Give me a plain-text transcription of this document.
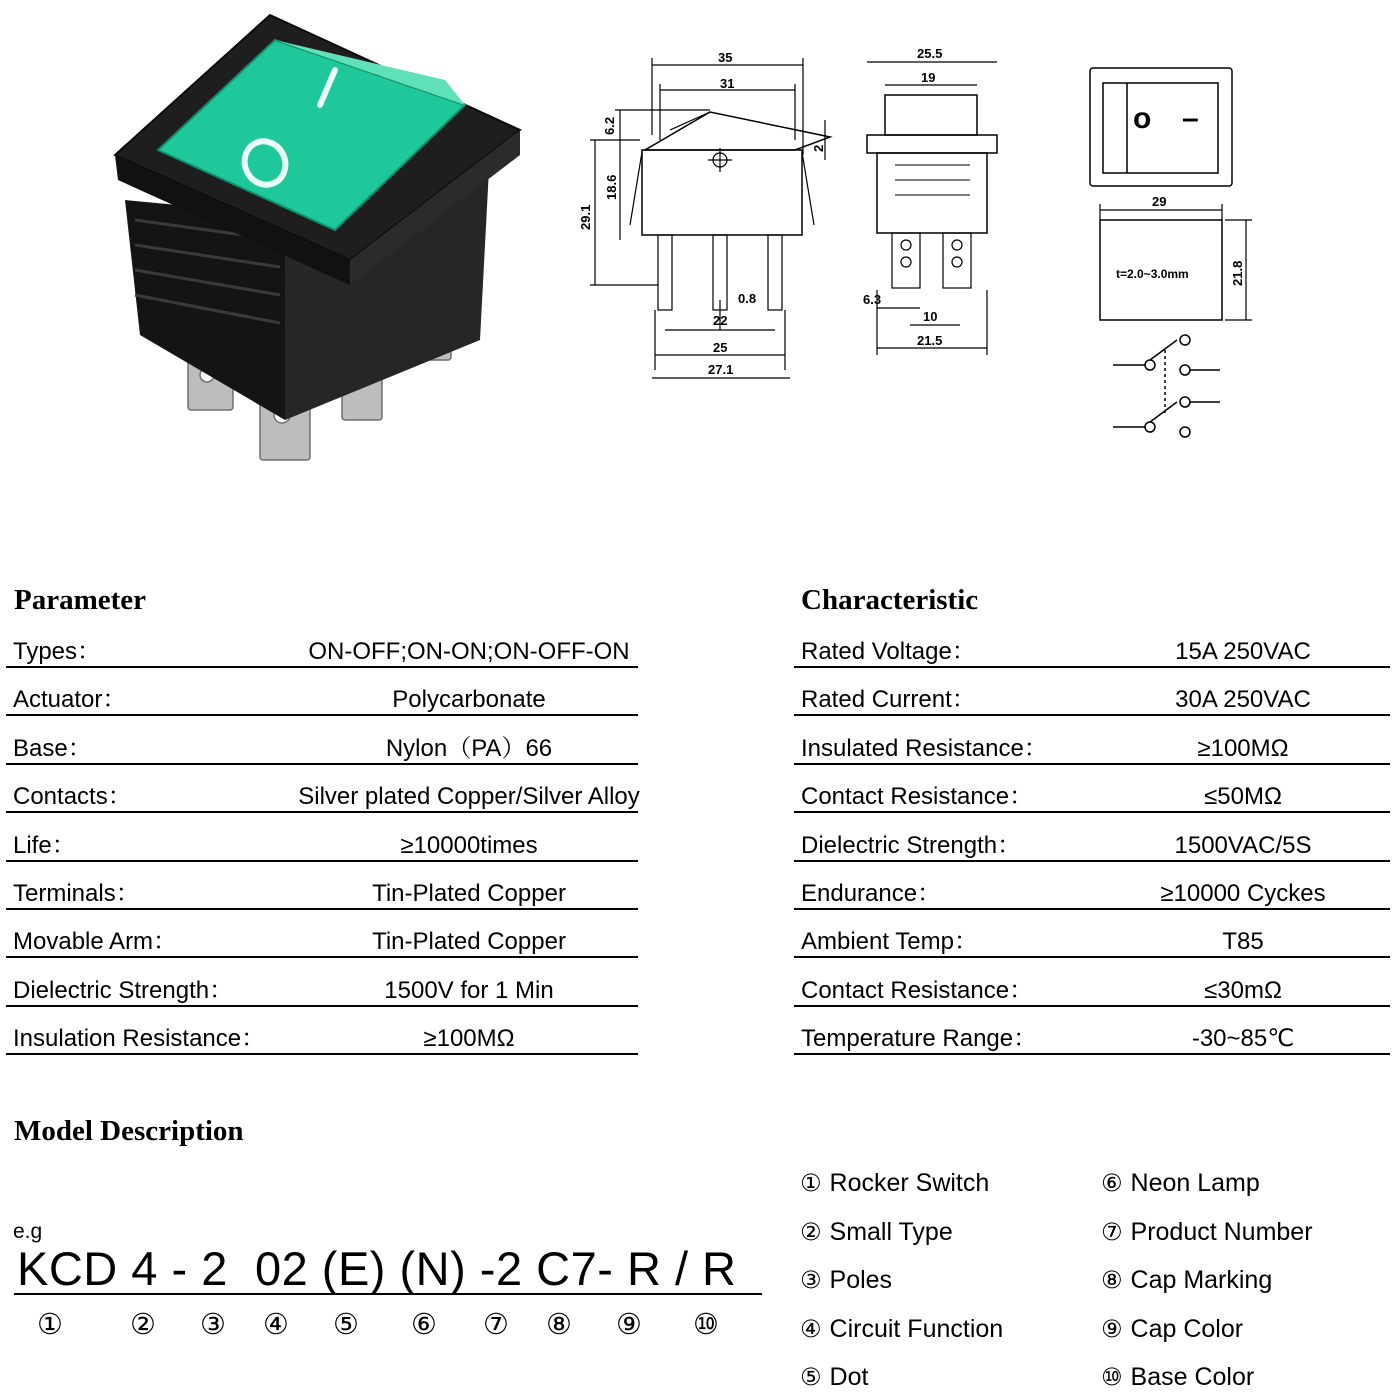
35
31
6.2
2
29.1
18.6
0.8
22
25
27.1
25.5
19
6.3
10
21.5
o –
29
21.8
t=2.0~3.0mm
Parameter
Types：	ON-OFF;ON-ON;ON-OFF-ON
Actuator：	Polycarbonate
Base：	Nylon（PA）66
Contacts：	Silver plated Copper/Silver Alloy
Life：	≥10000times
Terminals：	Tin-Plated Copper
Movable Arm：	Tin-Plated Copper
Dielectric Strength：	1500V for 1 Min
Insulation Resistance：	≥100MΩ
Characteristic
Rated Voltage：	15A 250VAC
Rated Current：	30A 250VAC
Insulated Resistance：	≥100MΩ
Contact Resistance：	≤50MΩ
Dielectric Strength：	1500VAC/5S
Endurance：	≥10000 Cyckes
Ambient Temp：	T85
Contact Resistance：	≤30mΩ
Temperature Range：	-30~85℃
Model Description
e.g
KCD 4 - 2  02 (E) (N) -2 C7- R / R
① ② ③ ④ ⑤ ⑥ ⑦ ⑧ ⑨ ⑩
① Rocker Switch
② Small Type
③ Poles
④ Circuit Function
⑤ Dot
⑥ Neon Lamp
⑦ Product Number
⑧ Cap Marking
⑨ Cap Color
⑩ Base Color
